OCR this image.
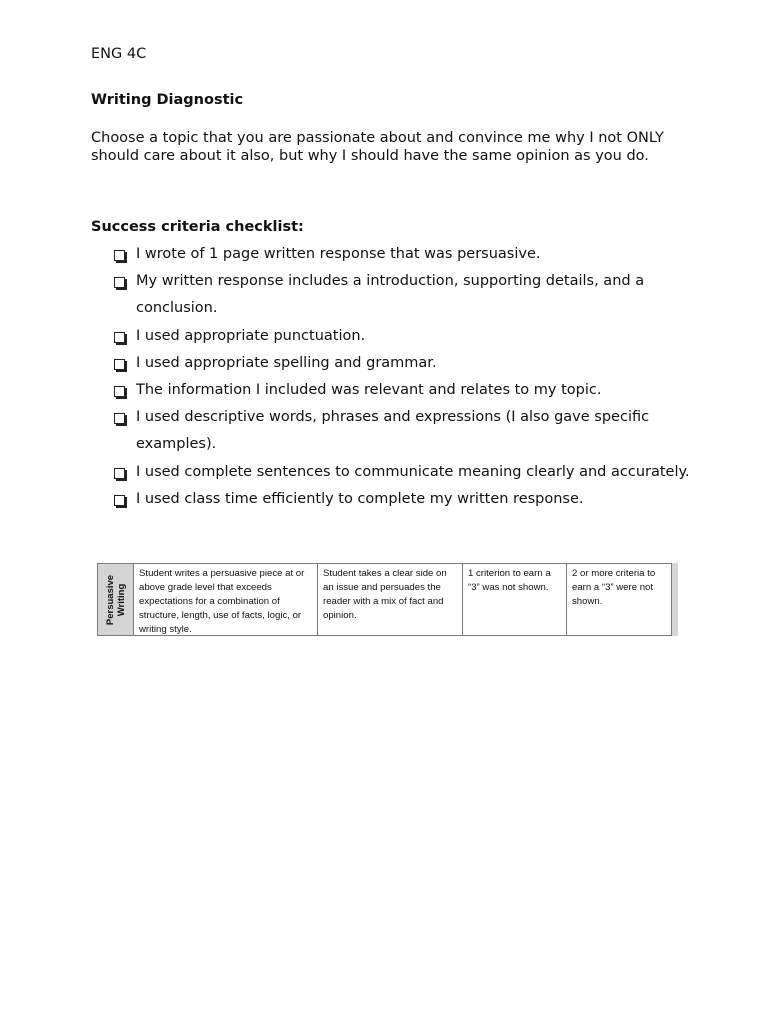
ENG 4C
Writing Diagnostic
Choose a topic that you are passionate about and convince me why I not ONLY should care about it also, but why I should have the same opinion as you do.
Success criteria checklist:
I wrote of 1 page written response that was persuasive.
My written response includes a introduction, supporting details, and a conclusion.
I used appropriate punctuation.
I used appropriate spelling and grammar.
The information I included was relevant and relates to my topic.
I used descriptive words, phrases and expressions (I also gave specific examples).
I used complete sentences to communicate meaning clearly and accurately.
I used class time efficiently to complete my written response.
Persuasive Writing
Student writes a persuasive piece at or above grade level that exceeds expectations for a combination of structure, length, use of facts, logic, or writing style.
Student takes a clear side on an issue and persuades the reader with a mix of fact and opinion.
1 criterion to earn a “3” was not shown.
2 or more criteria to earn a “3” were not shown.
